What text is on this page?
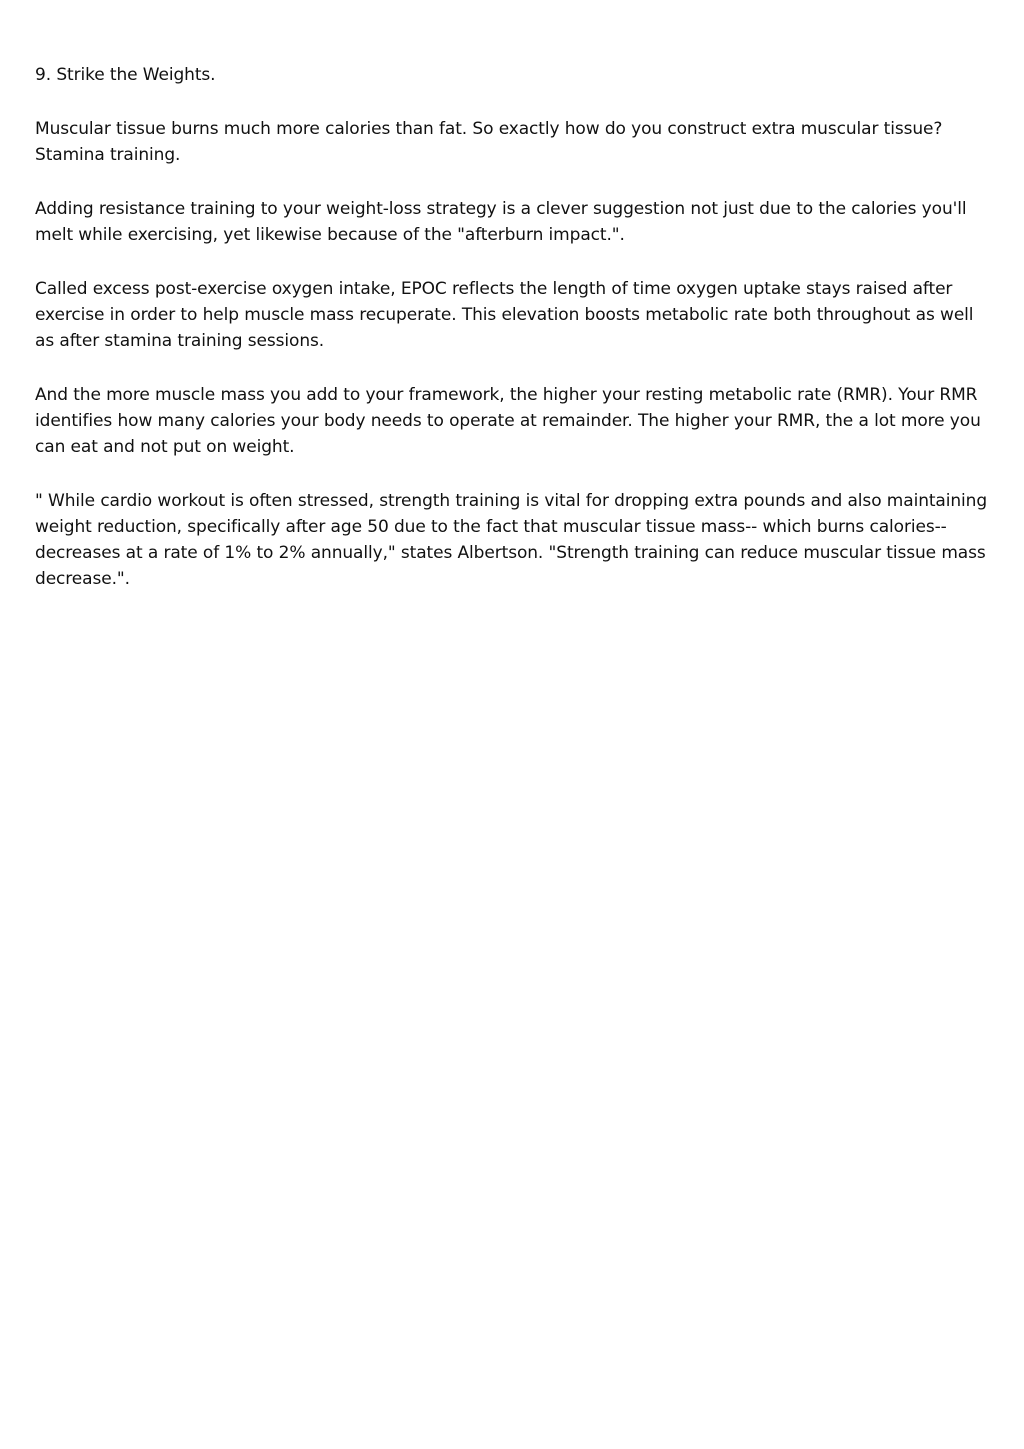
9. Strike the Weights.

Muscular tissue burns much more calories than fat. So exactly how do you construct extra muscular tissue? Stamina training.

Adding resistance training to your weight-loss strategy is a clever suggestion not just due to the calories you'll melt while exercising, yet likewise because of the "afterburn impact.".

Called excess post-exercise oxygen intake, EPOC reflects the length of time oxygen uptake stays raised after exercise in order to help muscle mass recuperate. This elevation boosts metabolic rate both throughout as well as after stamina training sessions.

And the more muscle mass you add to your framework, the higher your resting metabolic rate (RMR). Your RMR identifies how many calories your body needs to operate at remainder. The higher your RMR, the a lot more you can eat and not put on weight.

" While cardio workout is often stressed, strength training is vital for dropping extra pounds and also maintaining weight reduction, specifically after age 50 due to the fact that muscular tissue mass-- which burns calories-- decreases at a rate of 1% to 2% annually," states Albertson. "Strength training can reduce muscular tissue mass decrease.".
